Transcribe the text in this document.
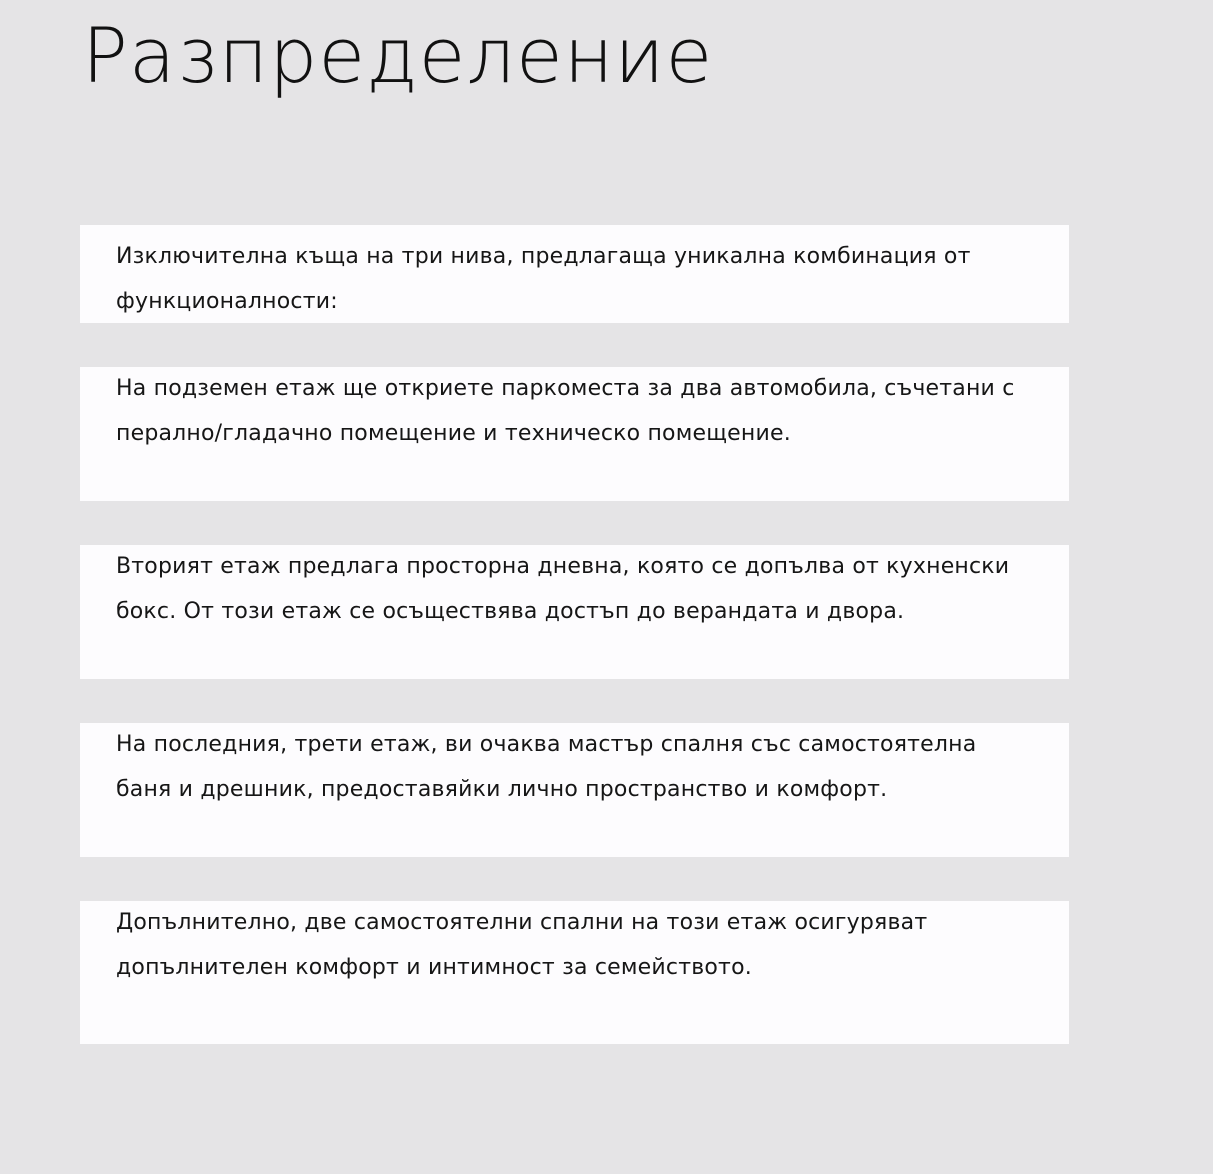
Разпределение

Изключителна къща на три нива, предлагаща уникална комбинация от функционалности:

На подземен етаж ще откриете паркоместа за два автомобила, съчетани с перално/гладачно помещение и техническо помещение.

Вторият етаж предлага просторна дневна, която се допълва от кухненски бокс. От този етаж се осъществява достъп до верандата и двора.

На последния, трети етаж, ви очаква мастър спалня със самостоятелна баня и дрешник, предоставяйки лично пространство и комфорт.

Допълнително, две самостоятелни спални на този етаж осигуряват допълнителен комфорт и интимност за семейството.
